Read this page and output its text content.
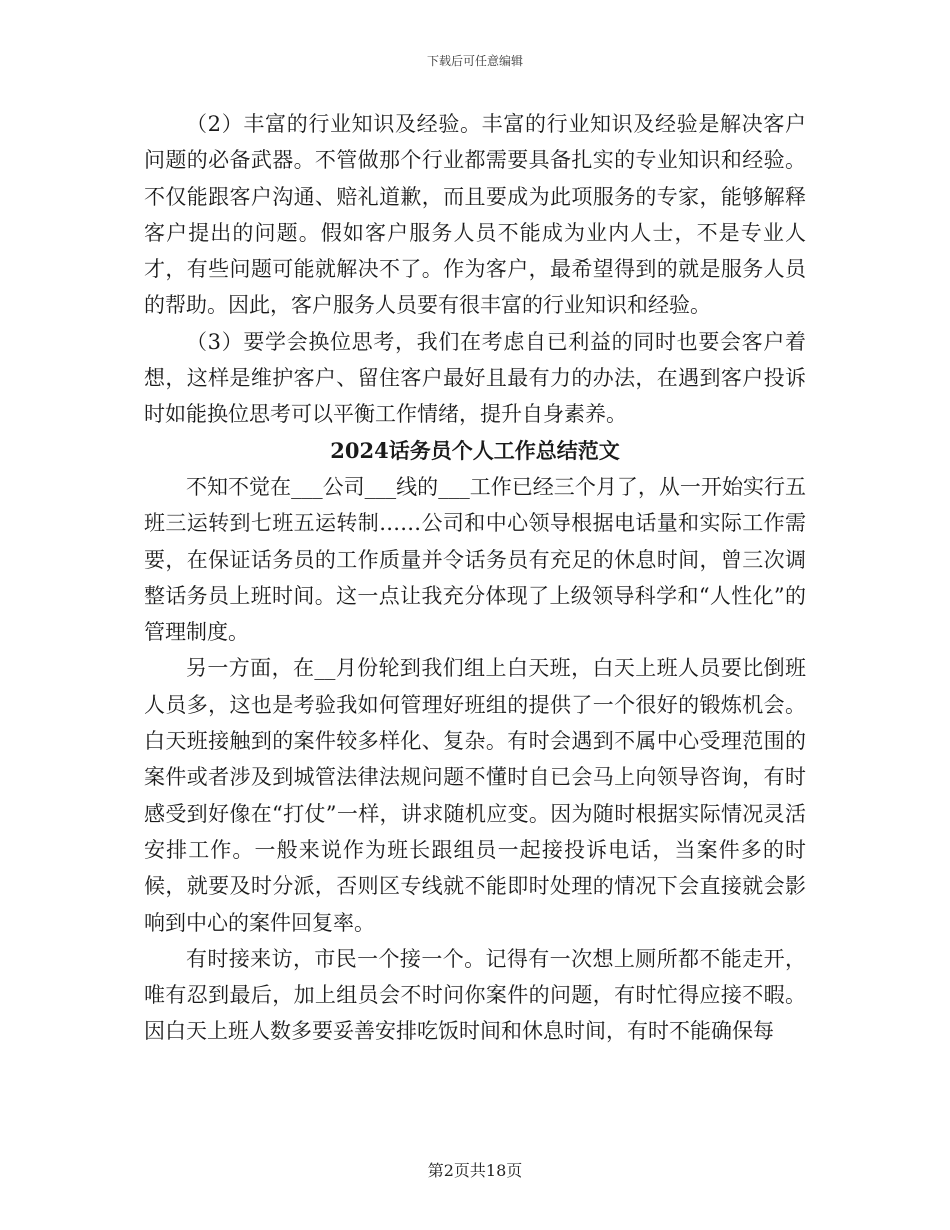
下载后可任意编辑

（2）丰富的行业知识及经验。丰富的行业知识及经验是解决客户问题的必备武器。不管做那个行业都需要具备扎实的专业知识和经验。不仅能跟客户沟通、赔礼道歉，而且要成为此项服务的专家，能够解释客户提出的问题。假如客户服务人员不能成为业内人士，不是专业人才，有些问题可能就解决不了。作为客户，最希望得到的就是服务人员的帮助。因此，客户服务人员要有很丰富的行业知识和经验。

（3）要学会换位思考，我们在考虑自已利益的同时也要会客户着想，这样是维护客户、留住客户最好且最有力的办法，在遇到客户投诉时如能换位思考可以平衡工作情绪，提升自身素养。

2024话务员个人工作总结范文

不知不觉在___公司___线的___工作已经三个月了，从一开始实行五班三运转到七班五运转制……公司和中心领导根据电话量和实际工作需要，在保证话务员的工作质量并令话务员有充足的休息时间，曾三次调整话务员上班时间。这一点让我充分体现了上级领导科学和“人性化”的管理制度。

另一方面，在__月份轮到我们组上白天班，白天上班人员要比倒班人员多，这也是考验我如何管理好班组的提供了一个很好的锻炼机会。白天班接触到的案件较多样化、复杂。有时会遇到不属中心受理范围的案件或者涉及到城管法律法规问题不懂时自已会马上向领导咨询，有时感受到好像在“打仗”一样，讲求随机应变。因为随时根据实际情况灵活安排工作。一般来说作为班长跟组员一起接投诉电话，当案件多的时候，就要及时分派，否则区专线就不能即时处理的情况下会直接就会影响到中心的案件回复率。

有时接来访，市民一个接一个。记得有一次想上厕所都不能走开，唯有忍到最后，加上组员会不时问你案件的问题，有时忙得应接不暇。因白天上班人数多要妥善安排吃饭时间和休息时间，有时不能确保每

第2页共18页
